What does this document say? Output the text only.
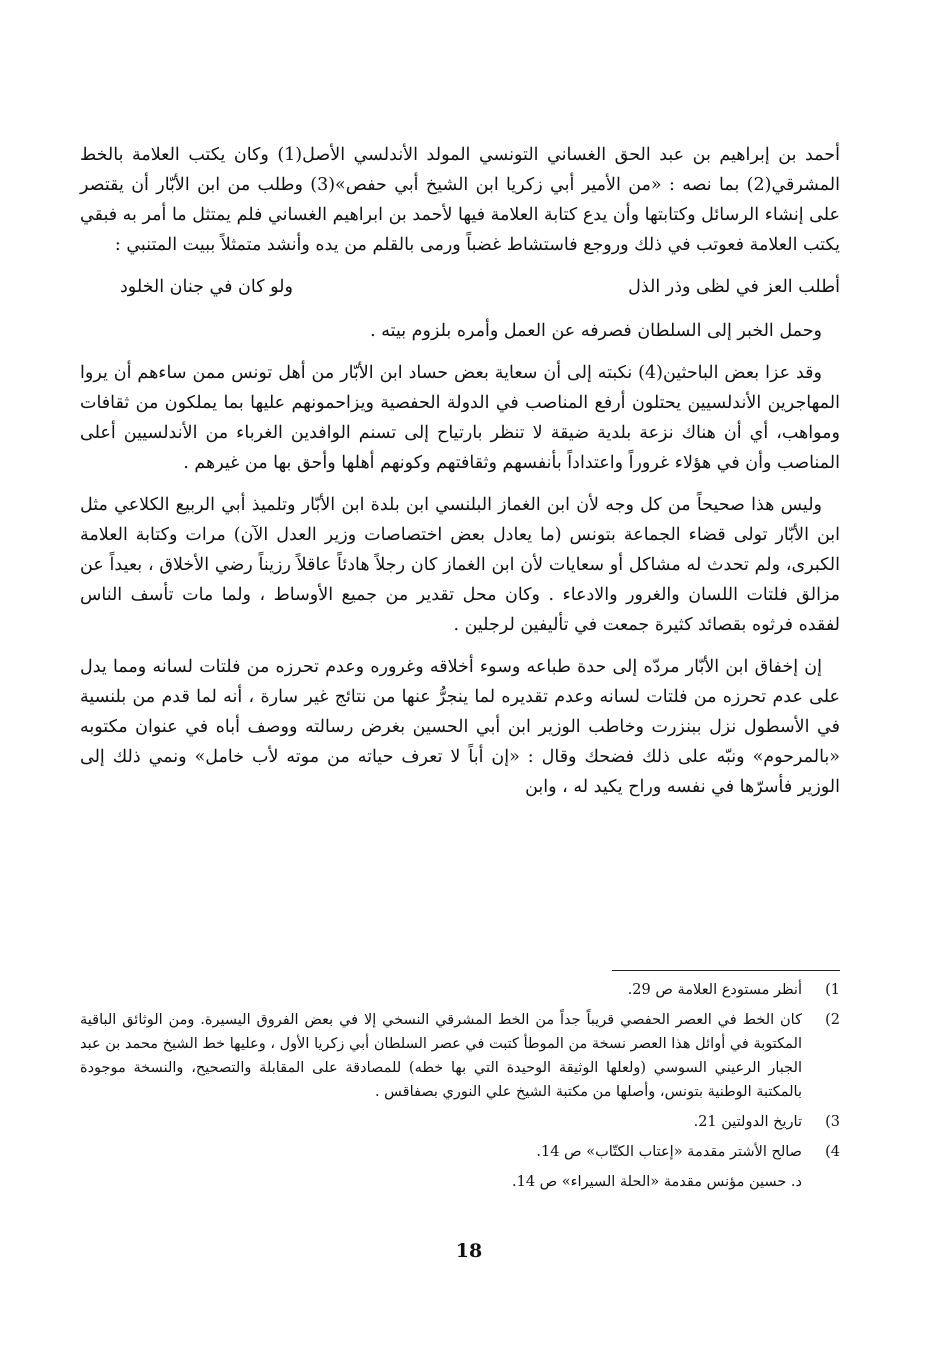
أحمد بن إبراهيم بن عبد الحق الغساني التونسي المولد الأندلسي الأصل(1) وكان يكتب العلامة بالخط المشرقي(2) بما نصه : «من الأمير أبي زكريا ابن الشيخ أبي حفص»(3) وطلب من ابن الأبّار أن يقتصر على إنشاء الرسائل وكتابتها وأن يدع كتابة العلامة فيها لأحمد بن ابراهيم الغساني فلم يمتثل ما أمر به فبقي يكتب العلامة فعوتب في ذلك وروجع فاستشاط غضباً ورمى بالقلم من يده وأنشد متمثلاً ببيت المتنبي :

أطلب العز في لظى وذر الذل
ولو كان في جنان الخلود

وحمل الخبر إلى السلطان فصرفه عن العمل وأمره بلزوم بيته .

وقد عزا بعض الباحثين(4) نكبته إلى أن سعاية بعض حساد ابن الأبّار من أهل تونس ممن ساءهم أن يروا المهاجرين الأندلسيين يحتلون أرفع المناصب في الدولة الحفصية ويزاحمونهم عليها بما يملكون من ثقافات ومواهب، أي أن هناك نزعة بلدية ضيقة لا تنظر بارتياح إلى تسنم الوافدين الغرباء من الأندلسيين أعلى المناصب وأن في هؤلاء غروراً واعتداداً بأنفسهم وثقافتهم وكونهم أهلها وأحق بها من غيرهم .

وليس هذا صحيحاً من كل وجه لأن ابن الغماز البلنسي ابن بلدة ابن الأبّار وتلميذ أبي الربيع الكلاعي مثل ابن الأبّار تولى قضاء الجماعة بتونس (ما يعادل بعض اختصاصات وزير العدل الآن) مرات وكتابة العلامة الكبرى، ولم تحدث له مشاكل أو سعايات لأن ابن الغماز كان رجلاً هادئاً عاقلاً رزيناً رضي الأخلاق ، بعيداً عن مزالق فلتات اللسان والغرور والادعاء . وكان محل تقدير من جميع الأوساط ، ولما مات تأسف الناس لفقده فرثوه بقصائد كثيرة جمعت في تأليفين لرجلين .

إن إخفاق ابن الأبّار مردّه إلى حدة طباعه وسوء أخلاقه وغروره وعدم تحرزه من فلتات لسانه ومما يدل على عدم تحرزه من فلتات لسانه وعدم تقديره لما ينجرُّ عنها من نتائج غير سارة ، أنه لما قدم من بلنسية في الأسطول نزل ببنزرت وخاطب الوزير ابن أبي الحسين بغرض رسالته ووصف أباه في عنوان مكتوبه «بالمرحوم» ونبّه على ذلك فضحك وقال : «إن أباً لا تعرف حياته من موته لأب خامل» ونمي ذلك إلى الوزير فأسرّها في نفسه وراح يكيد له ، وابن

1)
أنظر مستودع العلامة ص 29.
2)
كان الخط في العصر الحفصي قريباً جداً من الخط المشرقي النسخي إلا في بعض الفروق اليسيرة. ومن الوثائق الباقية المكتوبة في أوائل هذا العصر نسخة من الموطأ كتبت في عصر السلطان أبي زكريا الأول ، وعليها خط الشيخ محمد بن عبد الجبار الرعيني السوسي (ولعلها الوثيقة الوحيدة التي بها خطه) للمصادقة على المقابلة والتصحيح، والنسخة موجودة بالمكتبة الوطنية بتونس، وأصلها من مكتبة الشيخ علي النوري بصفاقس .
3)
تاريخ الدولتين 21.
4)
صالح الأشتر مقدمة «إعتاب الكتّاب» ص 14.
د. حسين مؤنس مقدمة «الحلة السيراء» ص 14.
18
